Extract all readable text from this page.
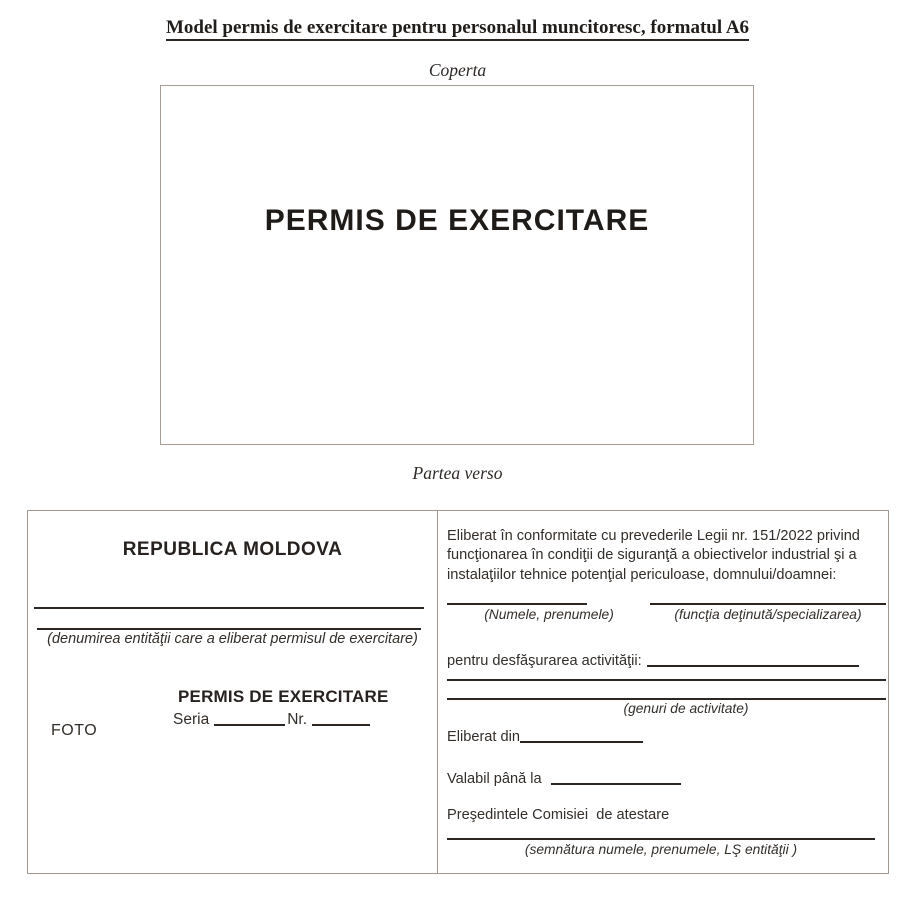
Model permis de exercitare pentru personalul muncitoresc, formatul A6
Coperta
PERMIS DE EXERCITARE
Partea verso
REPUBLICA MOLDOVA
(denumirea entităţii care a eliberat permisul de exercitare)
PERMIS DE EXERCITARE
Seria	Nr.
FOTO
Eliberat în conformitate cu prevederile Legii nr. 151/2022 privind
funcţionarea în condiţii de siguranţă a obiectivelor industrial şi a
instalaţiilor tehnice potenţial periculoase, domnului/doamnei:
(Numele, prenumele)	(funcţia deţinută/specializarea)
pentru desfăşurarea activităţii:
(genuri de activitate)
Eliberat din
Valabil până la
Preşedintele Comisiei  de atestare
(semnătura numele, prenumele, LŞ entităţii )
